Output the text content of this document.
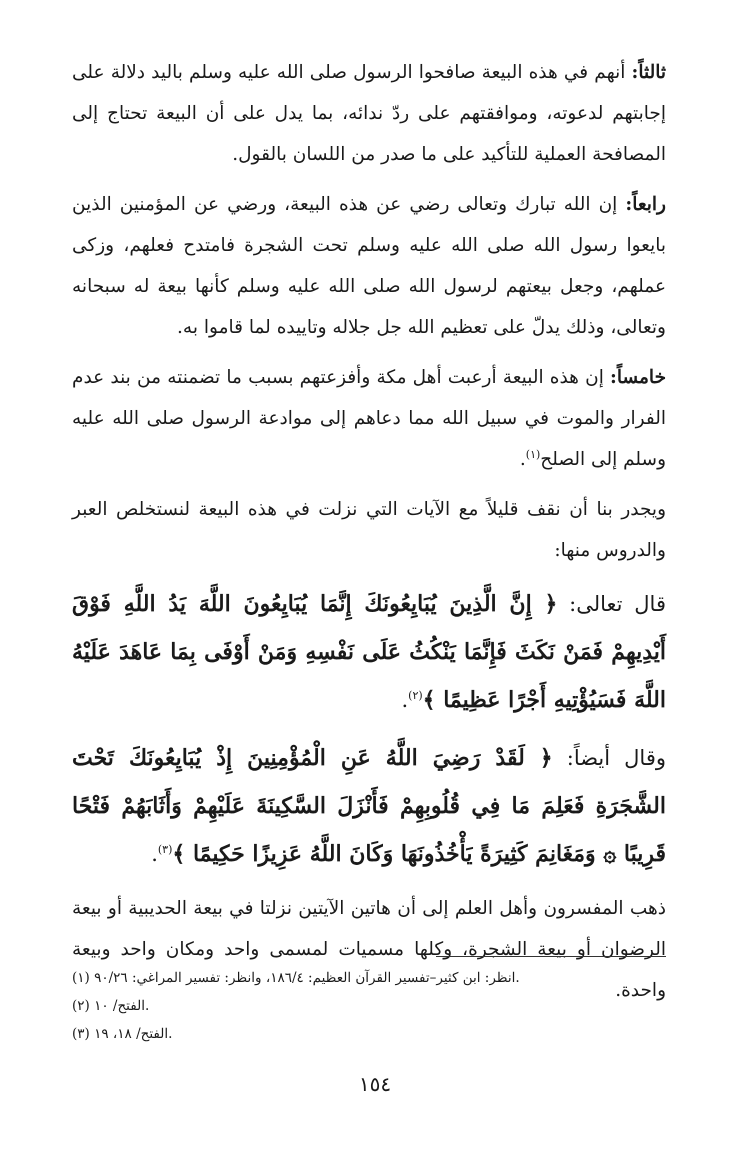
ثالثاً: أنهم في هذه البيعة صافحوا الرسول صلى الله عليه وسلم باليد دلالة على إجابتهم لدعوته، وموافقتهم على ردّ ندائه، بما يدل على أن البيعة تحتاج إلى المصافحة العملية للتأكيد على ما صدر من اللسان بالقول.

رابعاً: إن الله تبارك وتعالى رضي عن هذه البيعة، ورضي عن المؤمنين الذين بايعوا رسول الله صلى الله عليه وسلم تحت الشجرة فامتدح فعلهم، وزكى عملهم، وجعل بيعتهم لرسول الله صلى الله عليه وسلم كأنها بيعة له سبحانه وتعالى، وذلك يدلّ على تعظيم الله جل جلاله وتاييده لما قاموا به.

خامساً: إن هذه البيعة أرعبت أهل مكة وأفزعتهم بسبب ما تضمنته من بند عدم الفرار والموت في سبيل الله مما دعاهم إلى موادعة الرسول صلى الله عليه وسلم إلى الصلح$^{(١)}$.

ويجدر بنا أن نقف قليلاً مع الآيات التي نزلت في هذه البيعة لنستخلص العبر والدروس منها:

قال تعالى: ﴿ إِنَّ الَّذِينَ يُبَايِعُونَكَ إِنَّمَا يُبَايِعُونَ اللَّهَ يَدُ اللَّهِ فَوْقَ أَيْدِيهِمْ فَمَنْ نَكَثَ فَإِنَّمَا يَنْكُثُ عَلَى نَفْسِهِ وَمَنْ أَوْفَى بِمَا عَاهَدَ عَلَيْهُ اللَّهَ فَسَيُؤْتِيهِ أَجْرًا عَظِيمًا ﴾$^{(٢)}$.

وقال أيضاً: ﴿ لَقَدْ رَضِيَ اللَّهُ عَنِ الْمُؤْمِنِينَ إِذْ يُبَايِعُونَكَ تَحْتَ الشَّجَرَةِ فَعَلِمَ مَا فِي قُلُوبِهِمْ فَأَنْزَلَ السَّكِينَةَ عَلَيْهِمْ وَأَثَابَهُمْ فَتْحًا قَرِيبًا ۞ وَمَغَانِمَ كَثِيرَةً يَأْخُذُونَهَا وَكَانَ اللَّهُ عَزِيزًا حَكِيمًا ﴾$^{(٣)}$.

ذهب المفسرون وأهل العلم إلى أن هاتين الآيتين نزلتا في بيعة الحديبية أو بيعة الرضوان أو بيعة الشجرة، وكلها مسميات لمسمى واحد ومكان واحد وبيعة واحدة.

(١) انظر: ابن كثير–تفسير القرآن العظيم: ١٨٦/٤، وانظر: تفسير المراغي: ٩٠/٢٦.
(٢) الفتح/ ١٠.
(٣) الفتح/ ١٨، ١٩.
١٥٤
